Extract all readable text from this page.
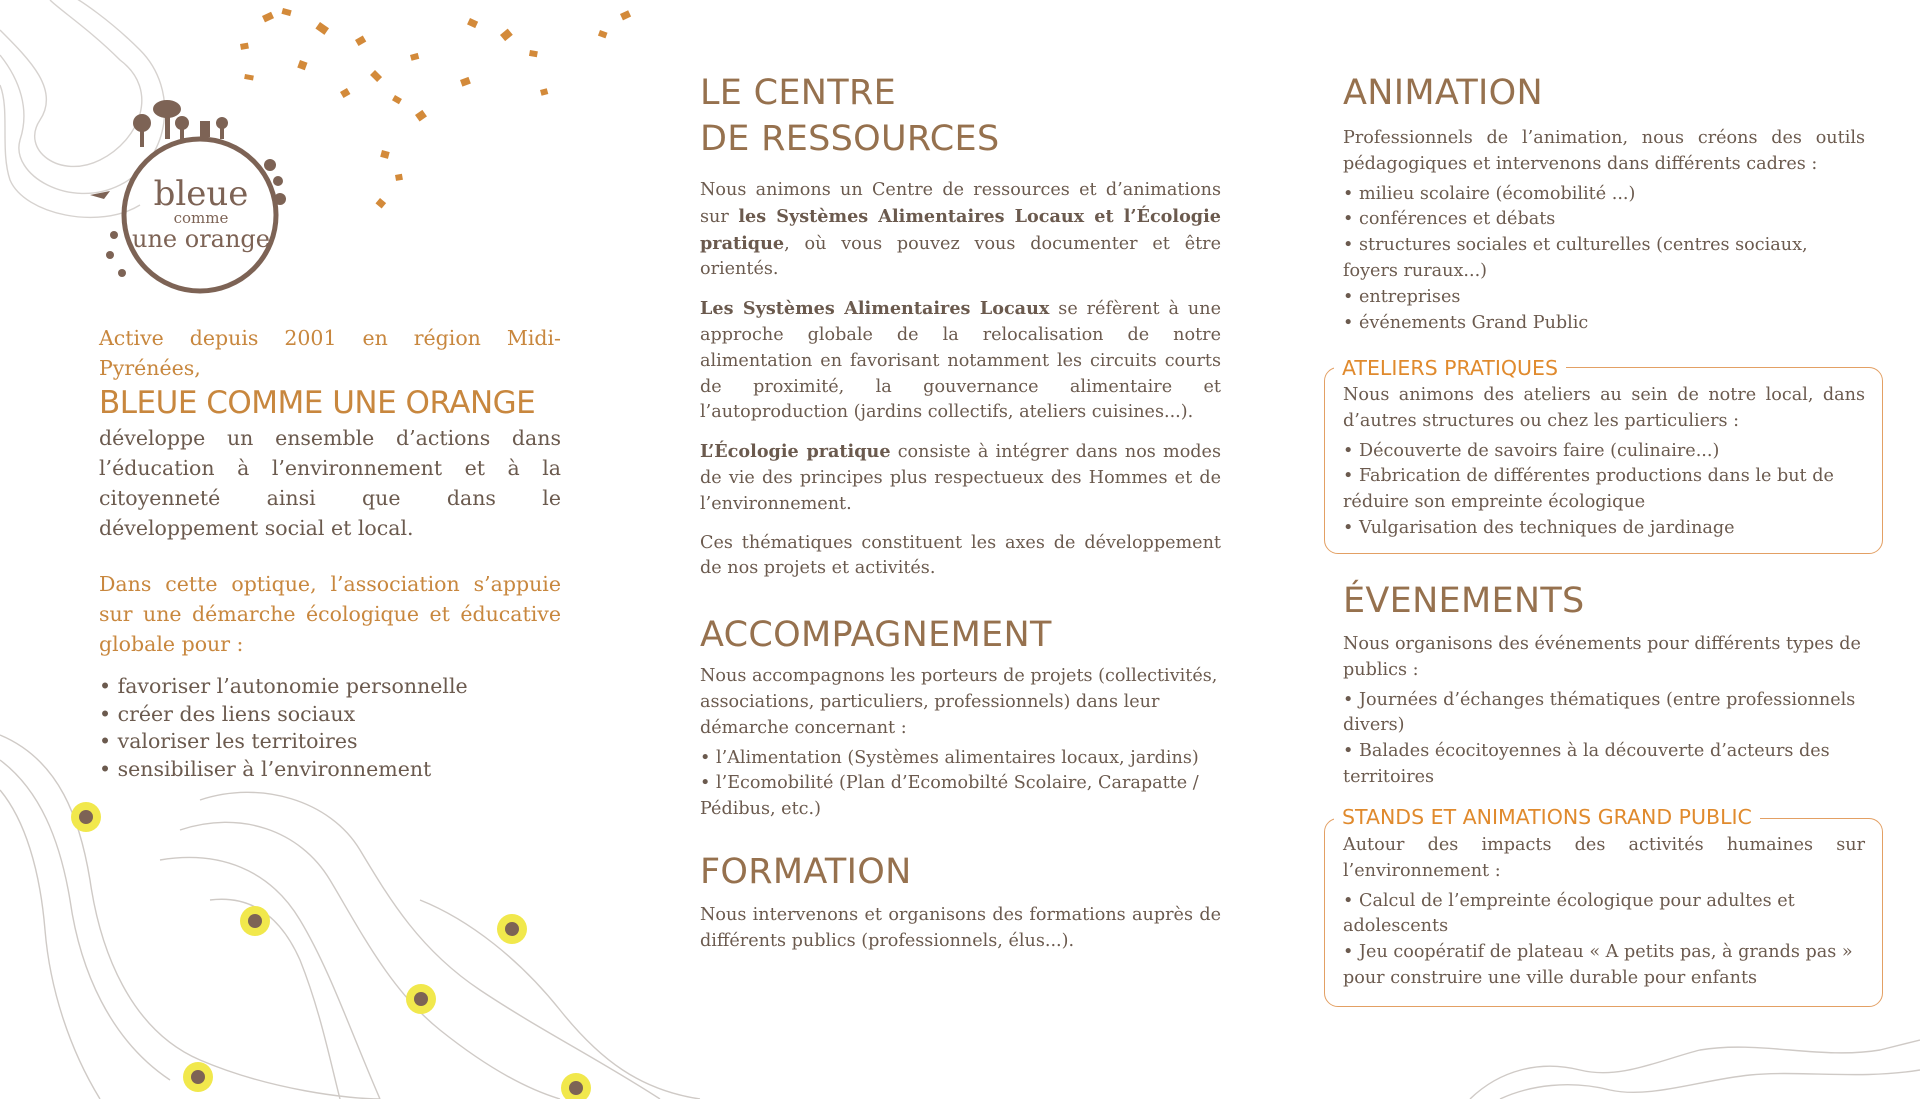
bleue
comme
une orange

Active depuis 2001 en région Midi-Pyrénées,
BLEUE COMME UNE ORANGE
développe un ensemble d’actions dans l’éducation à l’environnement et à la citoyenneté ainsi que dans le développement social et local.

Dans cette optique, l’association s’appuie sur une démarche écologique et éducative globale pour :

• favoriser l’autonomie personnelle
• créer des liens sociaux
• valoriser les territoires
• sensibiliser à l’environnement
LE CENTRE
DE RESSOURCES

Nous animons un Centre de ressources et d’animations sur les Systèmes Alimentaires Locaux et l’Écologie pratique, où vous pouvez vous documenter et être orientés.

Les Systèmes Alimentaires Locaux se réfèrent à une approche globale de la relocalisation de notre alimentation en favorisant notamment les circuits courts de proximité, la gouvernance alimentaire et l’autoproduction (jardins collectifs, ateliers cuisines...).

L’Écologie pratique consiste à intégrer dans nos modes de vie des principes plus respectueux des Hommes et de l’environnement.

Ces thématiques constituent les axes de développement de nos projets et activités.

ACCOMPAGNEMENT

Nous accompagnons les porteurs de projets (collectivités, associations, particuliers, professionnels) dans leur démarche concernant :

• l’Alimentation (Systèmes alimentaires locaux, jardins)
• l’Ecomobilité (Plan d’Ecomobilté Scolaire, Carapatte / Pédibus, etc.)
FORMATION

Nous intervenons et organisons des formations auprès de différents publics (professionnels, élus...).

ANIMATION

Professionnels de l’animation, nous créons des outils pédagogiques et intervenons dans différents cadres :

• milieu scolaire (écomobilité ...)
• conférences et débats
• structures sociales et culturelles (centres sociaux, foyers ruraux...)
• entreprises
• événements Grand Public
ATELIERS PRATIQUES

Nous animons des ateliers au sein de notre local, dans d’autres structures ou chez les particuliers :

• Découverte de savoirs faire (culinaire...)
• Fabrication de différentes productions dans le but de réduire son empreinte écologique
• Vulgarisation des techniques de jardinage
ÉVENEMENTS

Nous organisons des événements pour différents types de publics :

• Journées d’échanges thématiques (entre professionnels divers)
• Balades écocitoyennes à la découverte d’acteurs des territoires
STANDS ET ANIMATIONS GRAND PUBLIC

Autour des impacts des activités humaines sur l’environnement :

• Calcul de l’empreinte écologique pour adultes et adolescents
• Jeu coopératif de plateau « A petits pas, à grands pas » pour construire une ville durable pour enfants
